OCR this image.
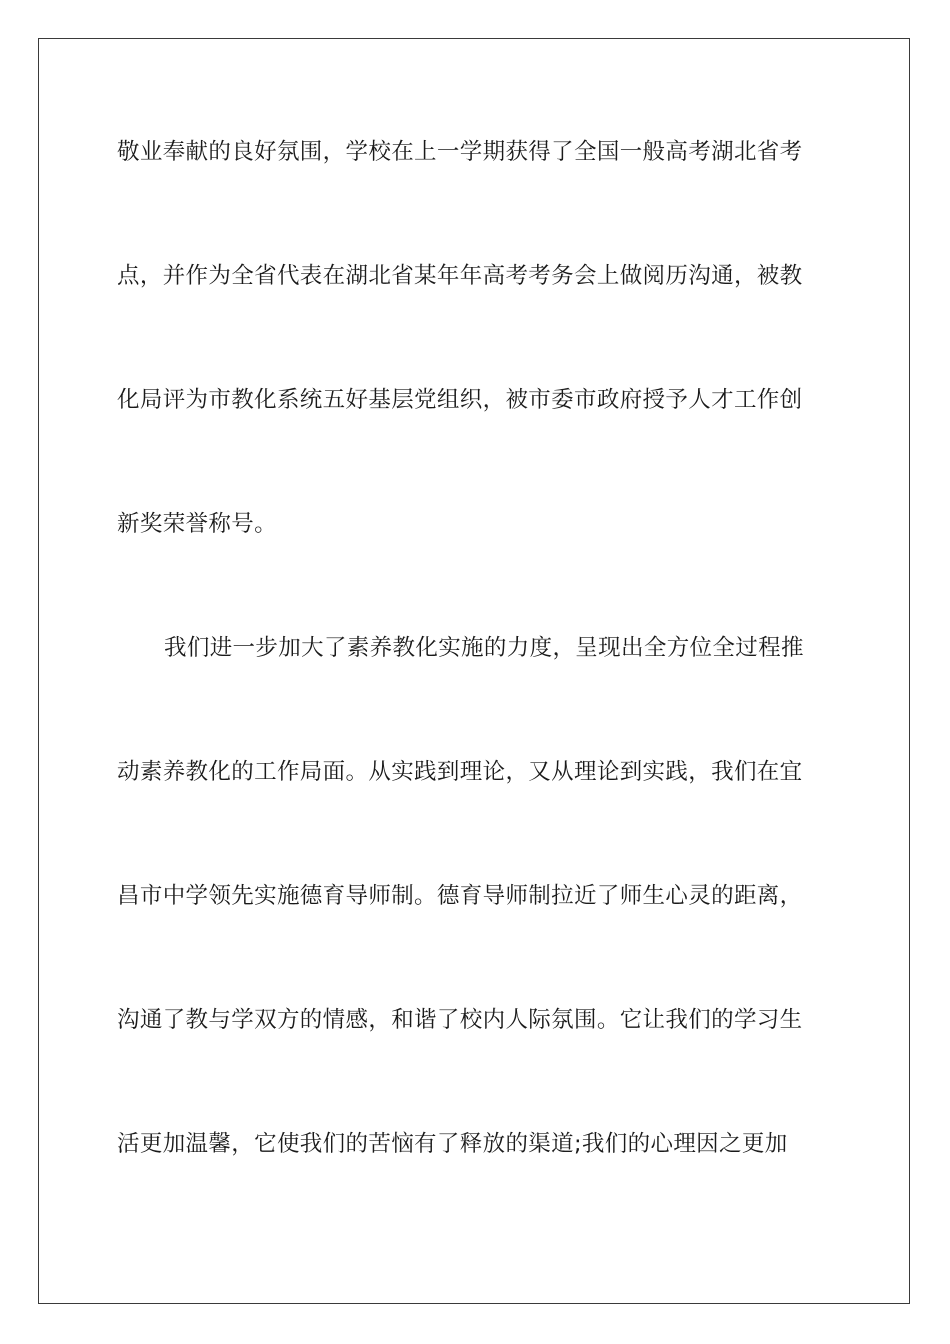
敬业奉献的良好氛围，学校在上一学期获得了全国一般高考湖北省考
点，并作为全省代表在湖北省某年年高考考务会上做阅历沟通，被教
化局评为市教化系统五好基层党组织，被市委市政府授予人才工作创
新奖荣誉称号。
我们进一步加大了素养教化实施的力度，呈现出全方位全过程推
动素养教化的工作局面。从实践到理论，又从理论到实践，我们在宜
昌市中学领先实施德育导师制。德育导师制拉近了师生心灵的距离，
沟通了教与学双方的情感，和谐了校内人际氛围。它让我们的学习生
活更加温馨，它使我们的苦恼有了释放的渠道;我们的心理因之更加
